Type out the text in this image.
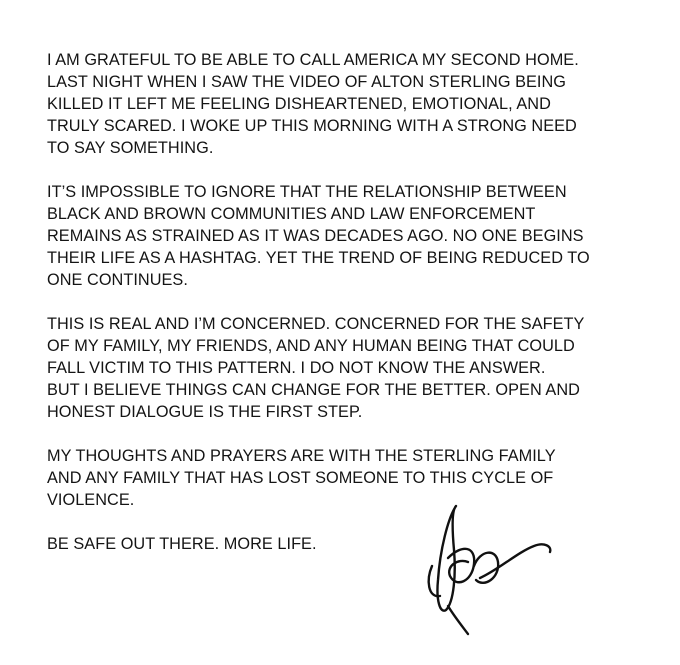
I AM GRATEFUL TO BE ABLE TO CALL AMERICA MY SECOND HOME.
LAST NIGHT WHEN I SAW THE VIDEO OF ALTON STERLING BEING
KILLED IT LEFT ME FEELING DISHEARTENED, EMOTIONAL, AND
TRULY SCARED. I WOKE UP THIS MORNING WITH A STRONG NEED
TO SAY SOMETHING.

IT’S IMPOSSIBLE TO IGNORE THAT THE RELATIONSHIP BETWEEN
BLACK AND BROWN COMMUNITIES AND LAW ENFORCEMENT
REMAINS AS STRAINED AS IT WAS DECADES AGO. NO ONE BEGINS
THEIR LIFE AS A HASHTAG. YET THE TREND OF BEING REDUCED TO
ONE CONTINUES.

THIS IS REAL AND I’M CONCERNED. CONCERNED FOR THE SAFETY
OF MY FAMILY, MY FRIENDS, AND ANY HUMAN BEING THAT COULD
FALL VICTIM TO THIS PATTERN. I DO NOT KNOW THE ANSWER.
BUT I BELIEVE THINGS CAN CHANGE FOR THE BETTER. OPEN AND
HONEST DIALOGUE IS THE FIRST STEP.

MY THOUGHTS AND PRAYERS ARE WITH THE STERLING FAMILY
AND ANY FAMILY THAT HAS LOST SOMEONE TO THIS CYCLE OF
VIOLENCE.

BE SAFE OUT THERE. MORE LIFE.
